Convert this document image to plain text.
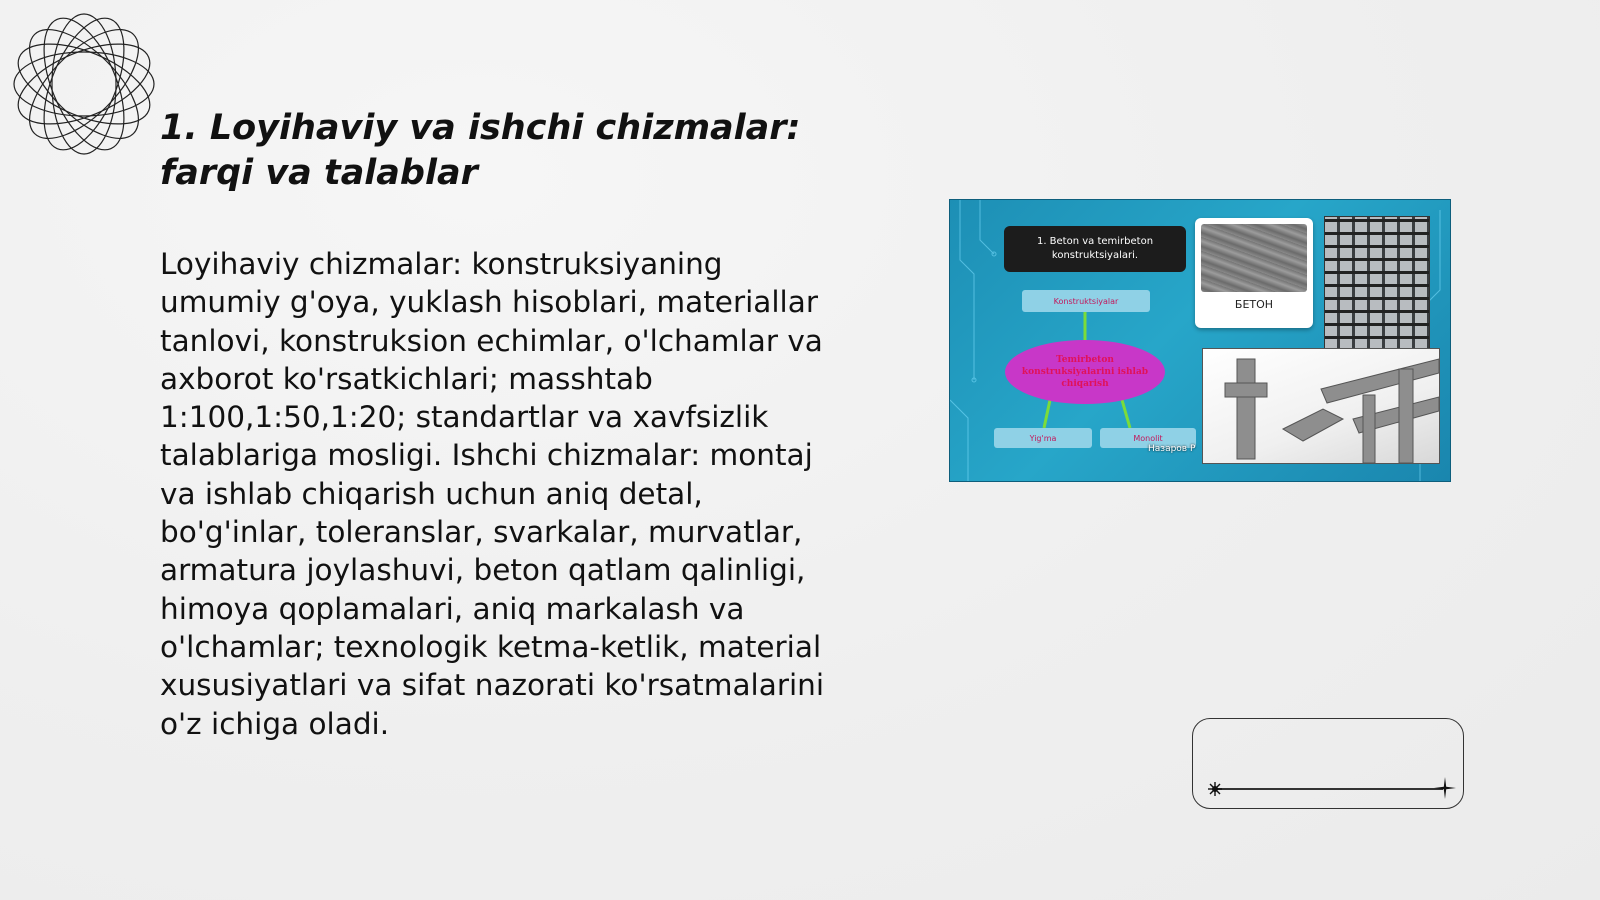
1. Loyihaviy va ishchi chizmalar: farqi va talablar

Loyihaviy chizmalar: konstruksiyaning umumiy g'oya, yuklash hisoblari, materiallar tanlovi, konstruksion echimlar, o'lchamlar va axborot ko'rsatkichlari; masshtab 1:100,1:50,1:20; standartlar va xavfsizlik talablariga mosligi. Ishchi chizmalar: montaj va ishlab chiqarish uchun aniq detal, bo'g'inlar, toleranslar, svarkalar, murvatlar, armatura joylashuvi, beton qatlam qalinligi, himoya qoplamalari, aniq markalash va o'lchamlar; texnologik ketma-ketlik, material xususiyatlari va sifat nazorati ko'rsatmalarini o'z ichiga oladi.

1. Beton va temirbeton konstruktsiyalari.
Konstruktsiyalar
Temirbeton konstruksiyalarini ishlab chiqarish
Yig'ma	Monolit
БЕТОН
Назаров Р
